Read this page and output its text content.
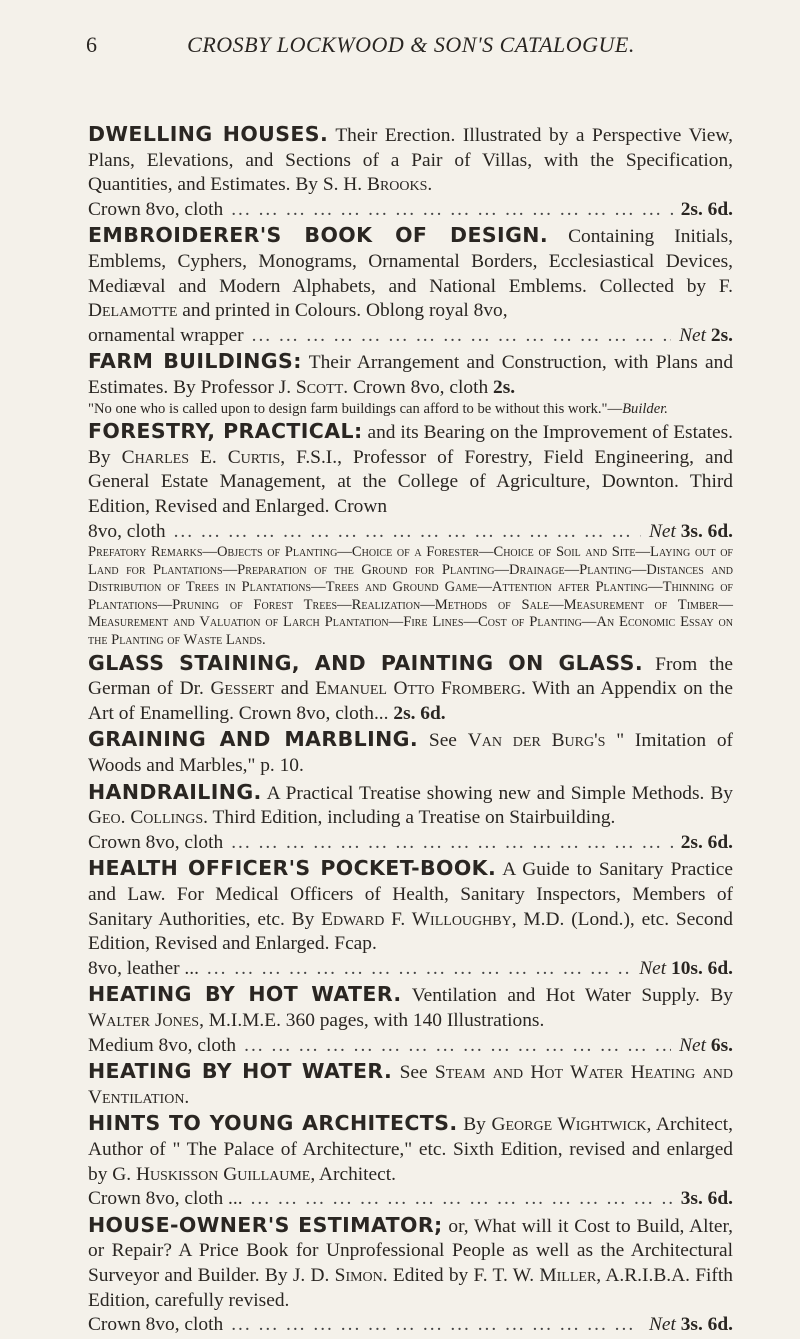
6	CROSBY LOCKWOOD & SON'S CATALOGUE.
DWELLING HOUSES. Their Erection. Illustrated by a Perspective View, Plans, Elevations, and Sections of a Pair of Villas, with the Specification, Quantities, and Estimates. By S. H. Brooks.
Crown 8vo, cloth ... .	2s. 6d.
EMBROIDERER'S BOOK OF DESIGN. Containing Initials, Emblems, Cyphers, Monograms, Ornamental Borders, Ecclesiastical Devices, Mediæval and Modern Alphabets, and National Emblems. Collected by F. Delamotte and printed in Colours. Oblong royal 8vo,
ornamental wrapper ... .	Net 2s.
FARM BUILDINGS: Their Arrangement and Construction, with Plans and Estimates. By Professor J. Scott. Crown 8vo, cloth 2s.
"No one who is called upon to design farm buildings can afford to be without this work."—Builder.
FORESTRY, PRACTICAL: and its Bearing on the Improvement of Estates. By Charles E. Curtis, F.S.I., Professor of Forestry, Field Engineering, and General Estate Management, at the College of Agriculture, Downton. Third Edition, Revised and Enlarged. Crown
8vo, cloth ... .	Net 3s. 6d.
Prefatory Remarks—Objects of Planting—Choice of a Forester—Choice of Soil and Site—Laying out of Land for Plantations—Preparation of the Ground for Planting—Drainage—Planting—Distances and Distribution of Trees in Plantations—Trees and Ground Game—Attention after Planting—Thinning of Plantations—Pruning of Forest Trees—Realization—Methods of Sale—Measurement of Timber—Measurement and Valuation of Larch Plantation—Fire Lines—Cost of Planting—An Economic Essay on the Planting of Waste Lands.
GLASS STAINING, AND PAINTING ON GLASS. From the German of Dr. Gessert and Emanuel Otto Fromberg. With an Appendix on the Art of Enamelling. Crown 8vo, cloth... 2s. 6d.
GRAINING AND MARBLING. See Van der Burg's " Imitation of Woods and Marbles," p. 10.
HANDRAILING. A Practical Treatise showing new and Simple Methods. By Geo. Collings. Third Edition, including a Treatise on Stairbuilding.
Crown 8vo, cloth ... .	2s. 6d.
HEALTH OFFICER'S POCKET-BOOK. A Guide to Sanitary Practice and Law. For Medical Officers of Health, Sanitary Inspectors, Members of Sanitary Authorities, etc. By Edward F. Willoughby, M.D. (Lond.), etc. Second Edition, Revised and Enlarged. Fcap.
8vo, leather ... ... .	Net 10s. 6d.
HEATING BY HOT WATER. Ventilation and Hot Water Supply. By Walter Jones, M.I.M.E. 360 pages, with 140 Illustrations.
Medium 8vo, cloth ... .	Net 6s.
HEATING BY HOT WATER. See Steam and Hot Water Heating and Ventilation.
HINTS TO YOUNG ARCHITECTS. By George Wightwick, Architect, Author of " The Palace of Architecture," etc. Sixth Edition, revised and enlarged by G. Huskisson Guillaume, Architect.
Crown 8vo, cloth ... ... .	3s. 6d.
HOUSE-OWNER'S ESTIMATOR; or, What will it Cost to Build, Alter, or Repair? A Price Book for Unprofessional People as well as the Architectural Surveyor and Builder. By J. D. Simon. Edited by F. T. W. Miller, A.R.I.B.A. Fifth Edition, carefully revised.
Crown 8vo, cloth ... .	Net 3s. 6d.
